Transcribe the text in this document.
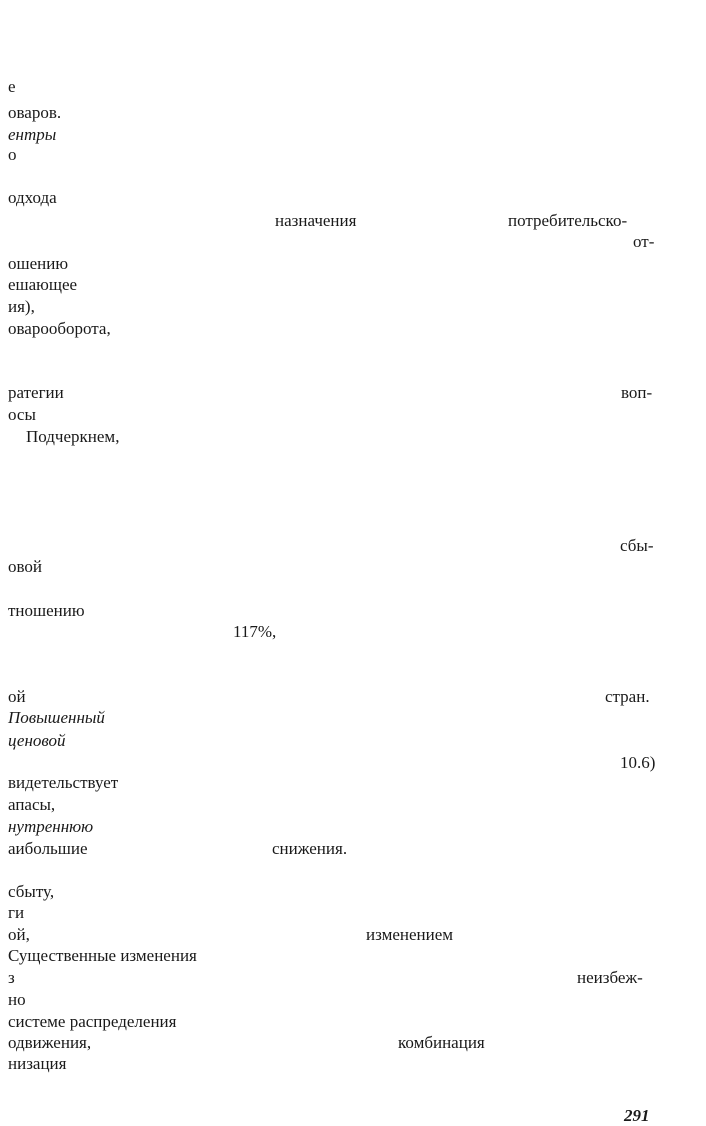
е
оваров.
ентры
о
одхода
назначения	потребительско-
от-
ошению
ешающее
ия),
оварооборота,
ратегии	воп-
осы
Подчеркнем,
сбы-
овой
тношению
117%,
ой	стран.
Повышенный
ценовой
10.6)
видетельствует
апасы,
нутреннюю
аибольшие	снижения.
сбыту,
ги
ой,	изменением
Существенные изменения
з	неизбеж-
но
системе распределения
одвижения,	комбинация
низация
291
